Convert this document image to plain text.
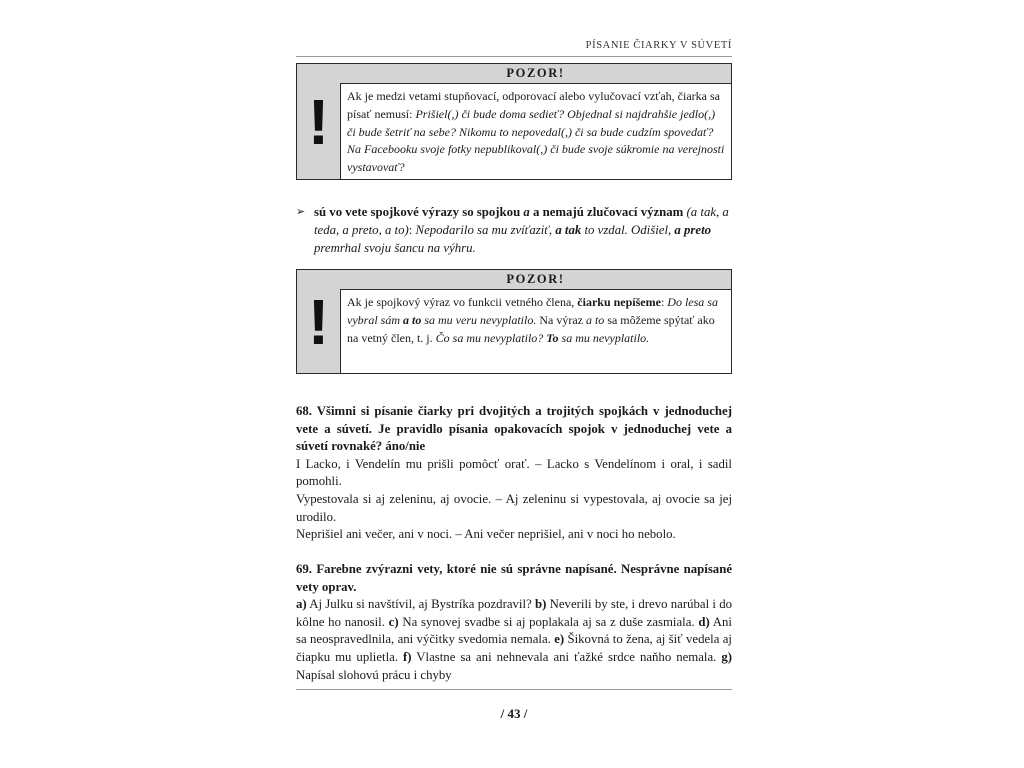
PÍSANIE ČIARKY V SÚVETÍ
!
POZOR!
Ak je medzi vetami stupňovací, odporovací alebo vylučovací vzťah, čiarka sa písať nemusí: Prišiel(,) či bude doma sedieť? Objednal si najdrahšie jedlo(,) či bude šetriť na sebe? Nikomu to nepovedal(,) či sa bude cudzím spovedať? Na Facebooku svoje fotky nepublikoval(,) či bude svoje súkromie na verejnosti vystavovať?
➢ sú vo vete spojkové výrazy so spojkou a a nemajú zlučovací význam (a tak, a teda, a preto, a to): Nepodarilo sa mu zvíťaziť, a tak to vzdal. Odišiel, a preto premrhal svoju šancu na výhru.
!
POZOR!
Ak je spojkový výraz vo funkcii vetného člena, čiarku nepíšeme: Do lesa sa vybral sám a to sa mu veru nevyplatilo. Na výraz a to sa môžeme spýtať ako na vetný člen, t. j. Čo sa mu nevyplatilo? To sa mu nevyplatilo.

68. Všimni si písanie čiarky pri dvojitých a trojitých spojkách v jednoduchej vete a súvetí. Je pravidlo písania opakovacích spojok v jednoduchej vete a súvetí rovnaké? áno/nie

I Lacko, i Vendelín mu prišli pomôcť orať. – Lacko s Vendelínom i oral, i sadil pomohli.

Vypestovala si aj zeleninu, aj ovocie. – Aj zeleninu si vypestovala, aj ovocie sa jej urodilo.

Neprišiel ani večer, ani v noci. – Ani večer neprišiel, ani v noci ho nebolo.

69. Farebne zvýrazni vety, ktoré nie sú správne napísané. Nesprávne napísané vety oprav.

a) Aj Julku si navštívil, aj Bystríka pozdravil? b) Neverili by ste, i drevo narúbal i do kôlne ho nanosil. c) Na synovej svadbe si aj poplakala aj sa z duše zasmiala. d) Ani sa neospravedlnila, ani výčitky svedomia nemala. e) Šikovná to žena, aj šiť vedela aj čiapku mu uplietla. f) Vlastne sa ani nehnevala ani ťažké srdce naňho nemala. g) Napísal slohovú prácu i chyby

/ 43 /
